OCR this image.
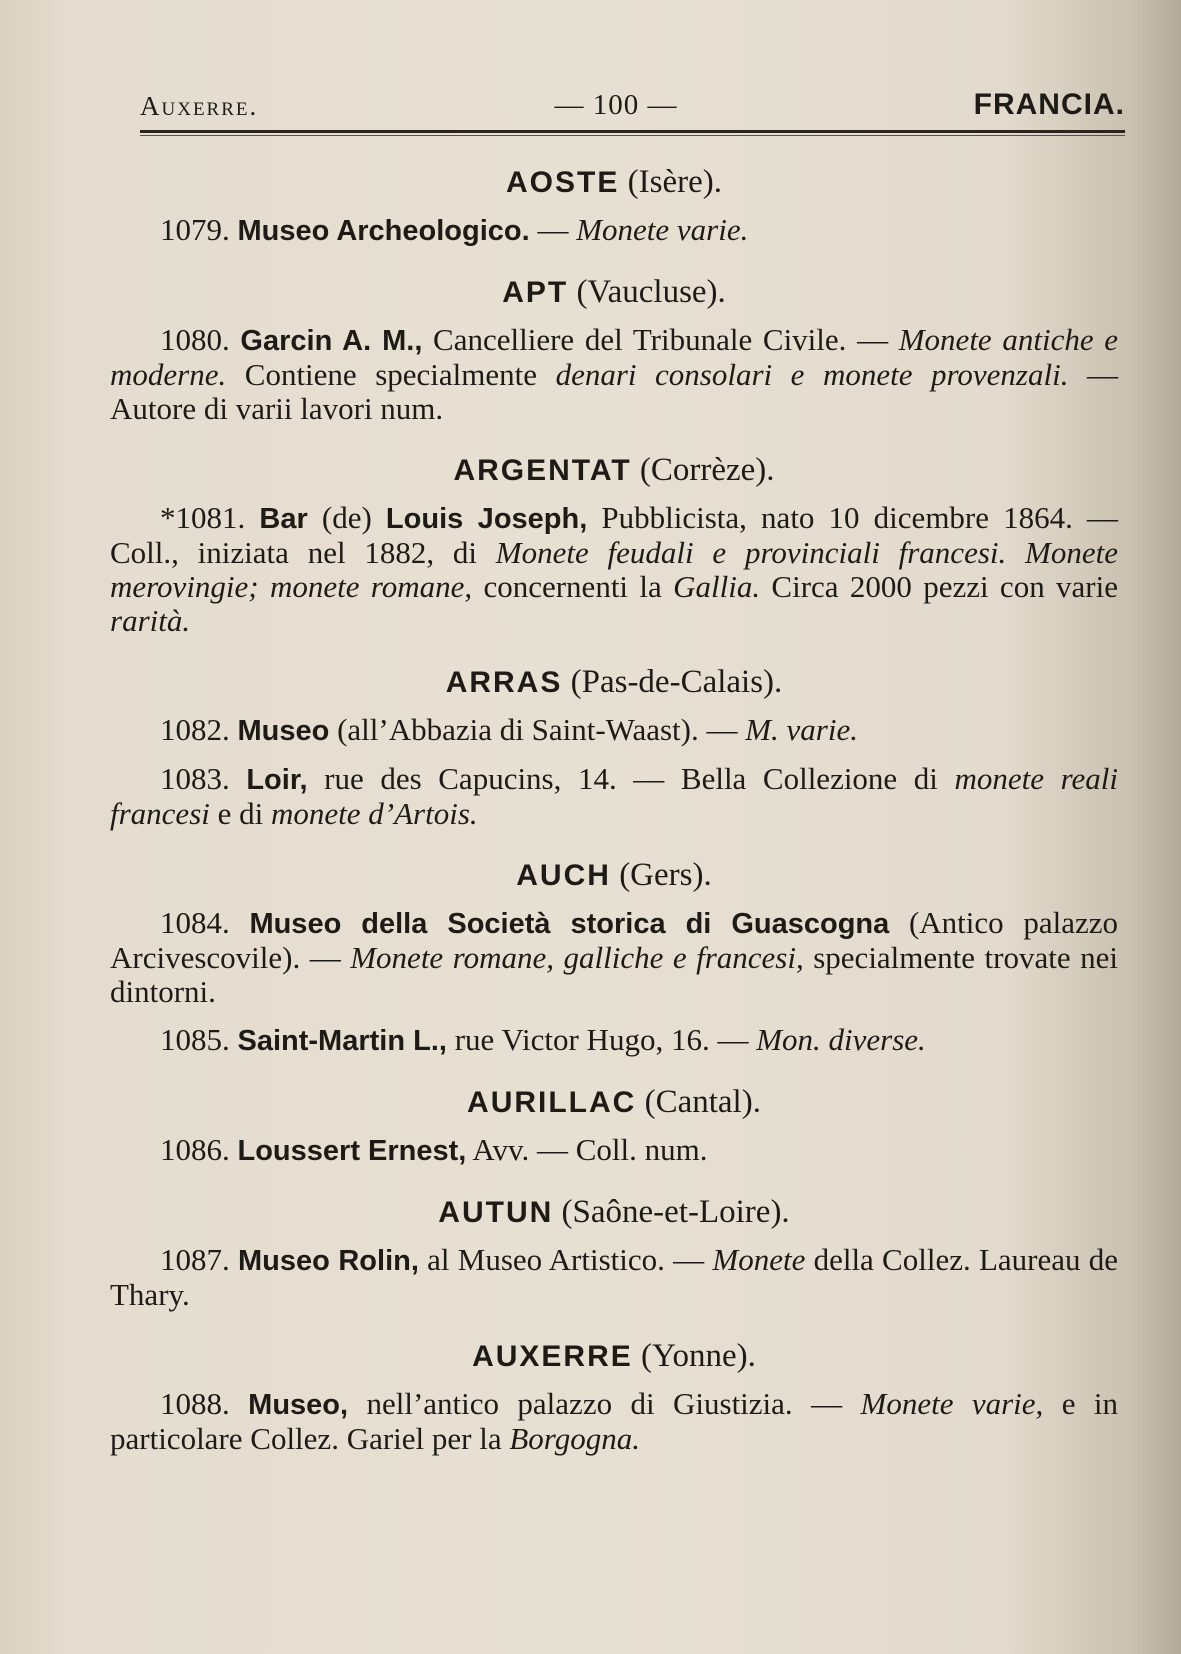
Auxerre.	— 100 —	FRANCIA.

AOSTE (Isère).

1079. Museo Archeologico. — Monete varie.

APT (Vaucluse).

1080. Garcin A. M., Cancelliere del Tribunale Civile. — Monete antiche e moderne. Contiene specialmente denari consolari e monete provenzali. — Autore di varii lavori num.

ARGENTAT (Corrèze).

*1081. Bar (de) Louis Joseph, Pubblicista, nato 10 dicembre 1864. — Coll., iniziata nel 1882, di Monete feudali e provinciali francesi. Monete merovingie; monete romane, concernenti la Gallia. Circa 2000 pezzi con varie rarità.

ARRAS (Pas-de-Calais).

1082. Museo (all’Abbazia di Saint-Waast). — M. varie.

1083. Loir, rue des Capucins, 14. — Bella Collezione di monete reali francesi e di monete d’Artois.

AUCH (Gers).

1084. Museo della Società storica di Guascogna (Antico palazzo Arcivescovile). — Monete romane, galliche e francesi, specialmente trovate nei dintorni.

1085. Saint-Martin L., rue Victor Hugo, 16. — Mon. diverse.

AURILLAC (Cantal).

1086. Loussert Ernest, Avv. — Coll. num.

AUTUN (Saône-et-Loire).

1087. Museo Rolin, al Museo Artistico. — Monete della Collez. Laureau de Thary.

AUXERRE (Yonne).

1088. Museo, nell’antico palazzo di Giustizia. — Monete varie, e in particolare Collez. Gariel per la Borgogna.
